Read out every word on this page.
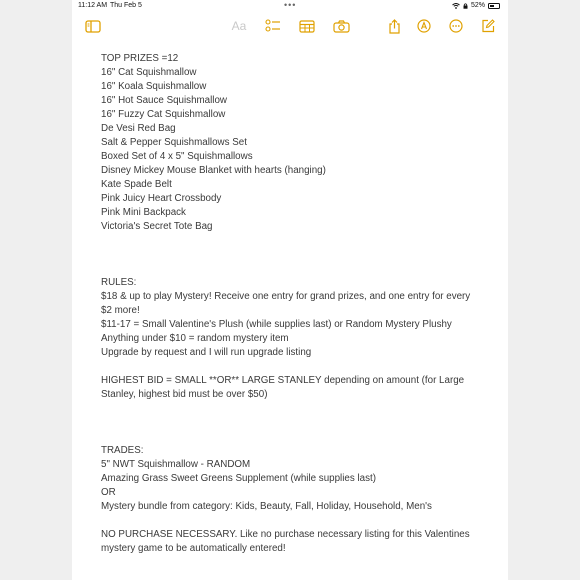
11:12 AM Thu Feb 5	•••	52%
Aa
TOP PRIZES =12
16" Cat Squishmallow
16" Koala Squishmallow
16" Hot Sauce Squishmallow
16" Fuzzy Cat Squishmallow
De Vesi Red Bag
Salt & Pepper Squishmallows Set
Boxed Set of 4 x 5" Squishmallows
Disney Mickey Mouse Blanket with hearts (hanging)
Kate Spade Belt
Pink Juicy Heart Crossbody
Pink Mini Backpack
Victoria's Secret Tote Bag
RULES:
$18 & up to play Mystery! Receive one entry for grand prizes, and one entry for every $2 more!
$11-17 = Small Valentine's Plush (while supplies last) or Random Mystery Plushy
Anything under $10 = random mystery item
Upgrade by request and I will run upgrade listing
HIGHEST BID = SMALL **OR** LARGE STANLEY depending on amount (for Large Stanley, highest bid must be over $50)
TRADES:
5" NWT Squishmallow - RANDOM
Amazing Grass Sweet Greens Supplement (while supplies last)
OR
Mystery bundle from category: Kids, Beauty, Fall, Holiday, Household, Men's
NO PURCHASE NECESSARY. Like no purchase necessary listing for this Valentines mystery game to be automatically entered!
